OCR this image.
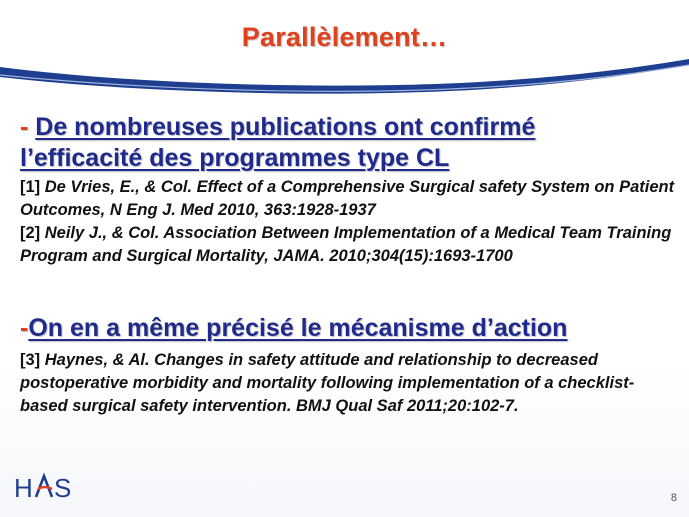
Parallèlement…
- De nombreuses publications ont confirmé
l’efficacité des programmes type CL
[1] De Vries, E., & Col. Effect of a Comprehensive Surgical safety System on Patient Outcomes, N Eng J. Med 2010, 363:1928-1937
[2] Neily J., & Col. Association Between Implementation of a Medical Team Training Program and Surgical Mortality, JAMA. 2010;304(15):1693-1700
-On en a même précisé le mécanisme d’action
[3] Haynes, & Al. Changes in safety attitude and relationship to decreased postoperative morbidity and mortality following implementation of a checklist-based surgical safety intervention. BMJ Qual Saf 2011;20:102-7.
H S	8
